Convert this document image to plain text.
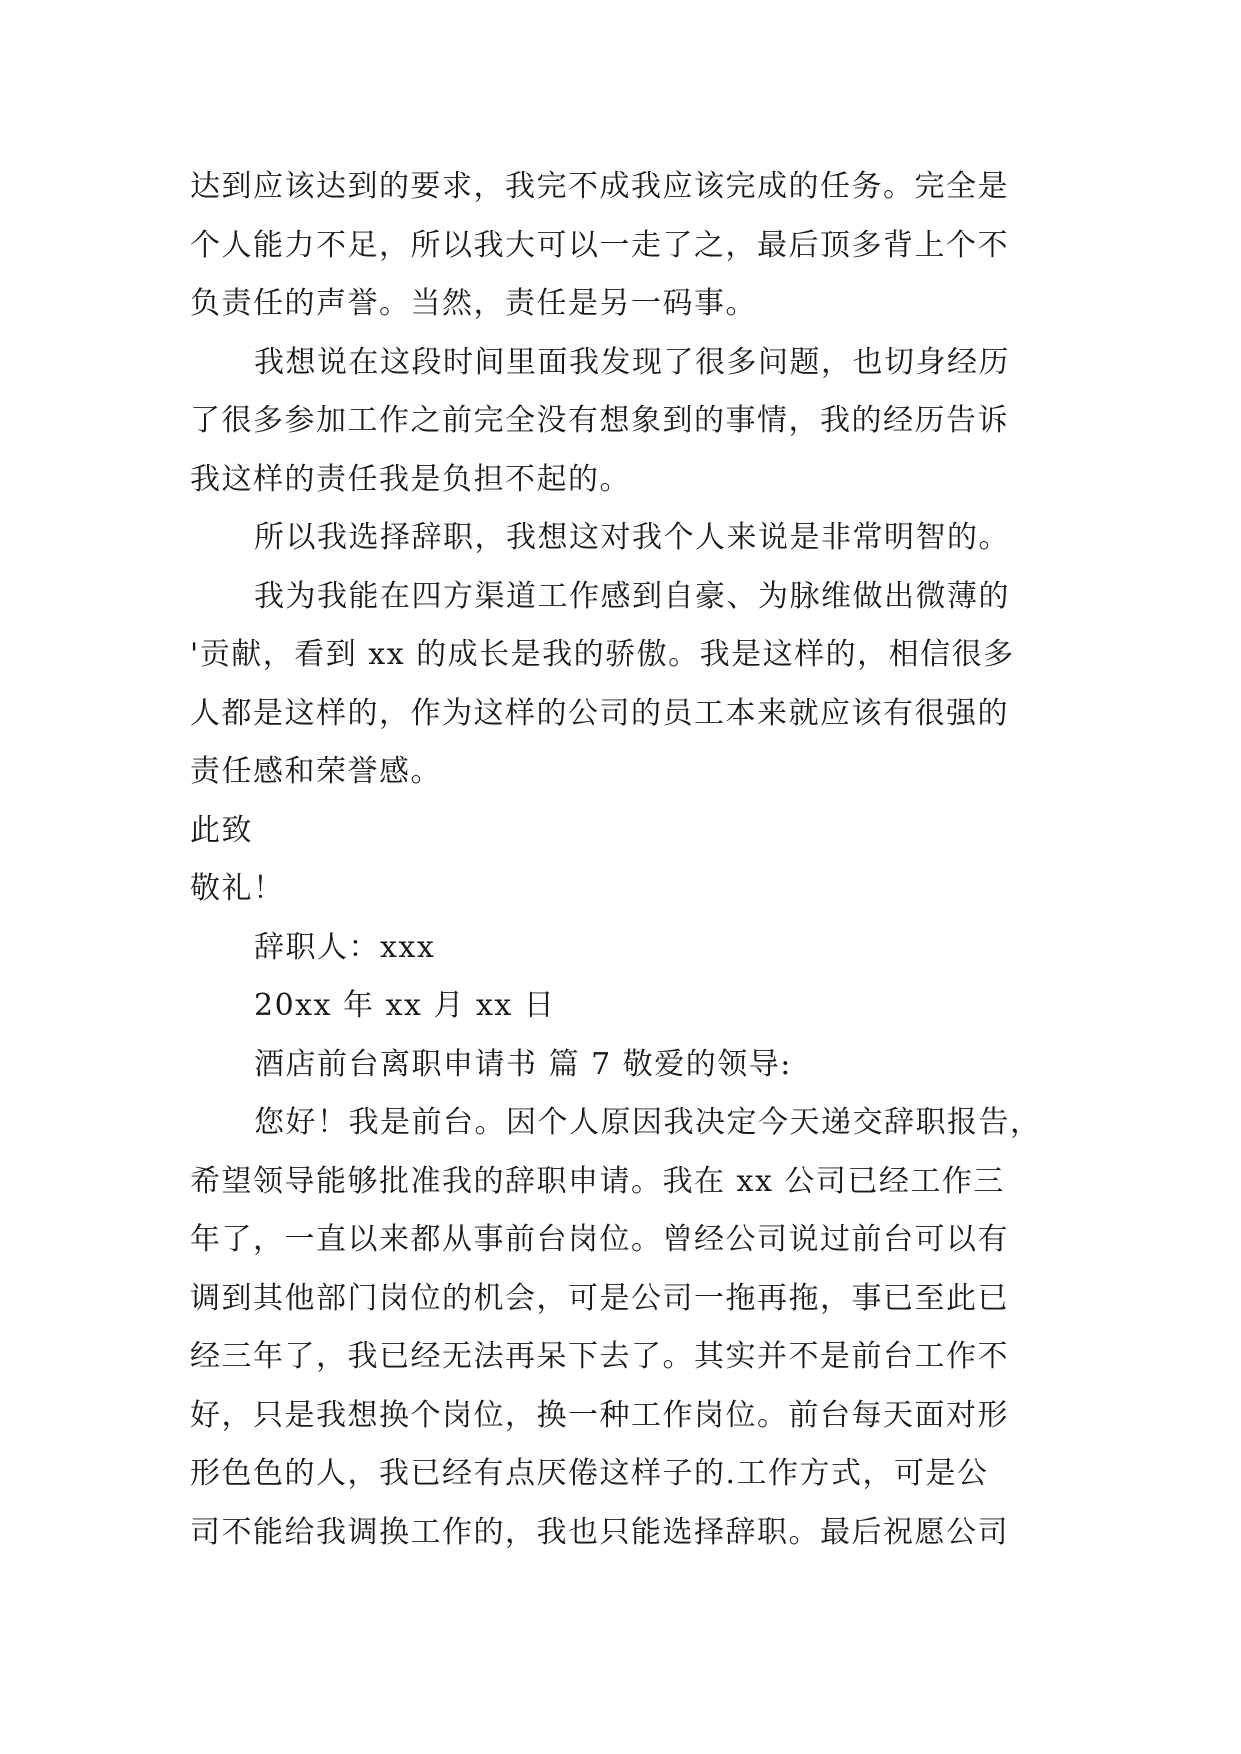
达到应该达到的要求，我完不成我应该完成的任务。完全是
个人能力不足，所以我大可以一走了之，最后顶多背上个不
负责任的声誉。当然，责任是另一码事。
我想说在这段时间里面我发现了很多问题，也切身经历
了很多参加工作之前完全没有想象到的事情，我的经历告诉
我这样的责任我是负担不起的。
所以我选择辞职，我想这对我个人来说是非常明智的。
我为我能在四方渠道工作感到自豪、为脉维做出微薄的
'贡献，看到 xx 的成长是我的骄傲。我是这样的，相信很多
人都是这样的，作为这样的公司的员工本来就应该有很强的
责任感和荣誉感。
此致
敬礼！
辞职人：xxx
20xx 年 xx 月 xx 日
酒店前台离职申请书 篇 7 敬爱的领导:
您好！我是前台。因个人原因我决定今天递交辞职报告，
希望领导能够批准我的辞职申请。我在 xx 公司已经工作三
年了，一直以来都从事前台岗位。曾经公司说过前台可以有
调到其他部门岗位的机会，可是公司一拖再拖，事已至此已
经三年了，我已经无法再呆下去了。其实并不是前台工作不
好，只是我想换个岗位，换一种工作岗位。前台每天面对形
形色色的人，我已经有点厌倦这样子的.工作方式，可是公
司不能给我调换工作的，我也只能选择辞职。最后祝愿公司
